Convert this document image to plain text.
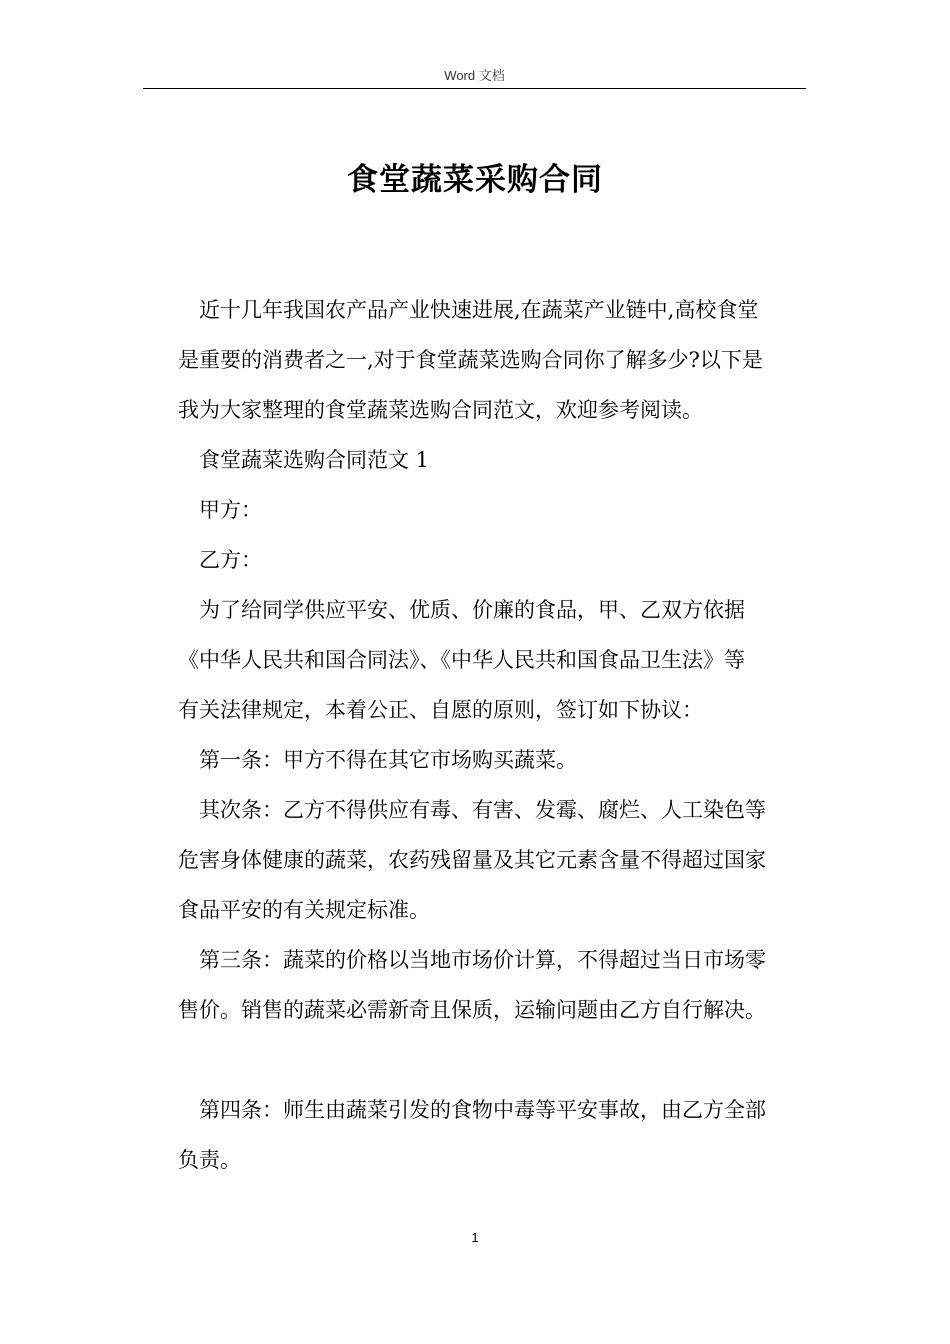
Word 文档
食堂蔬菜采购合同

近十几年我国农产品产业快速进展,在蔬菜产业链中,高校食堂
是重要的消费者之一,对于食堂蔬菜选购合同你了解多少?以下是
我为大家整理的食堂蔬菜选购合同范文，欢迎参考阅读。

食堂蔬菜选购合同范文 1

甲方：

乙方：

为了给同学供应平安、优质、价廉的食品，甲、乙双方依据
《中华人民共和国合同法》、《中华人民共和国食品卫生法》等
有关法律规定，本着公正、自愿的原则，签订如下协议：

第一条：甲方不得在其它市场购买蔬菜。

其次条：乙方不得供应有毒、有害、发霉、腐烂、人工染色等
危害身体健康的蔬菜，农药残留量及其它元素含量不得超过国家
食品平安的有关规定标准。

第三条：蔬菜的价格以当地市场价计算，不得超过当日市场零
售价。销售的蔬菜必需新奇且保质，运输问题由乙方自行解决。

第四条：师生由蔬菜引发的食物中毒等平安事故，由乙方全部
负责。

1
